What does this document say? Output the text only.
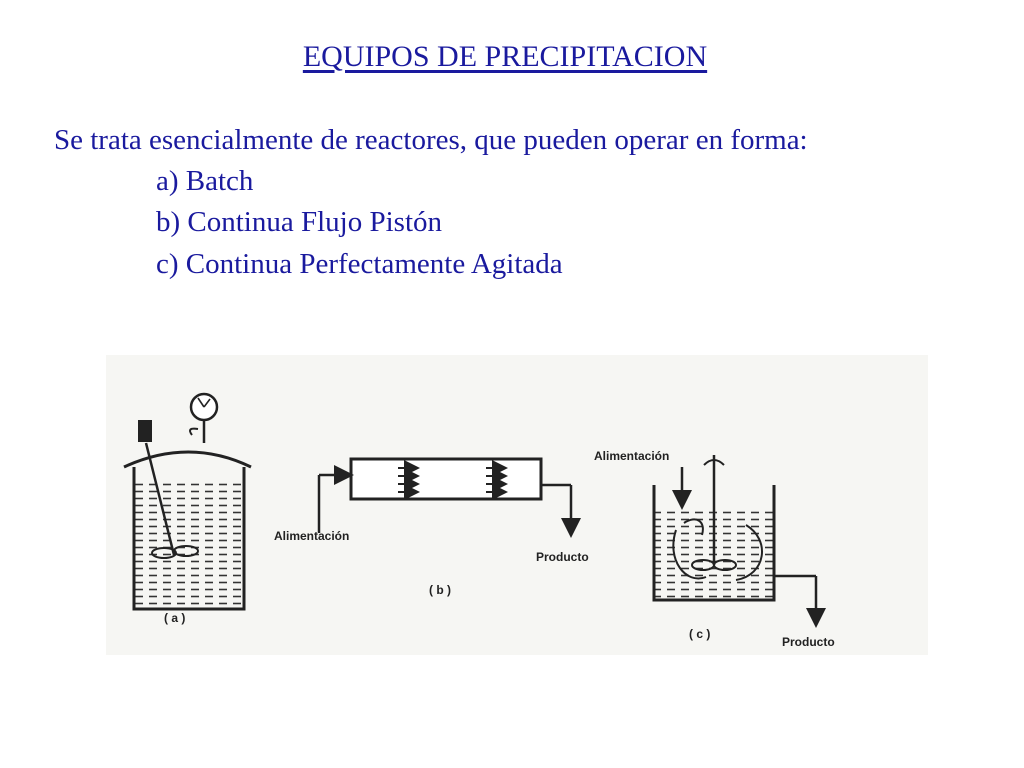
EQUIPOS DE PRECIPITACION
Se trata esencialmente de reactores, que pueden operar en forma:
a) Batch
b) Continua Flujo Pistón
c) Continua Perfectamente Agitada
( a )
( b )
( c )
Alimentación
Producto
Alimentación
Producto
